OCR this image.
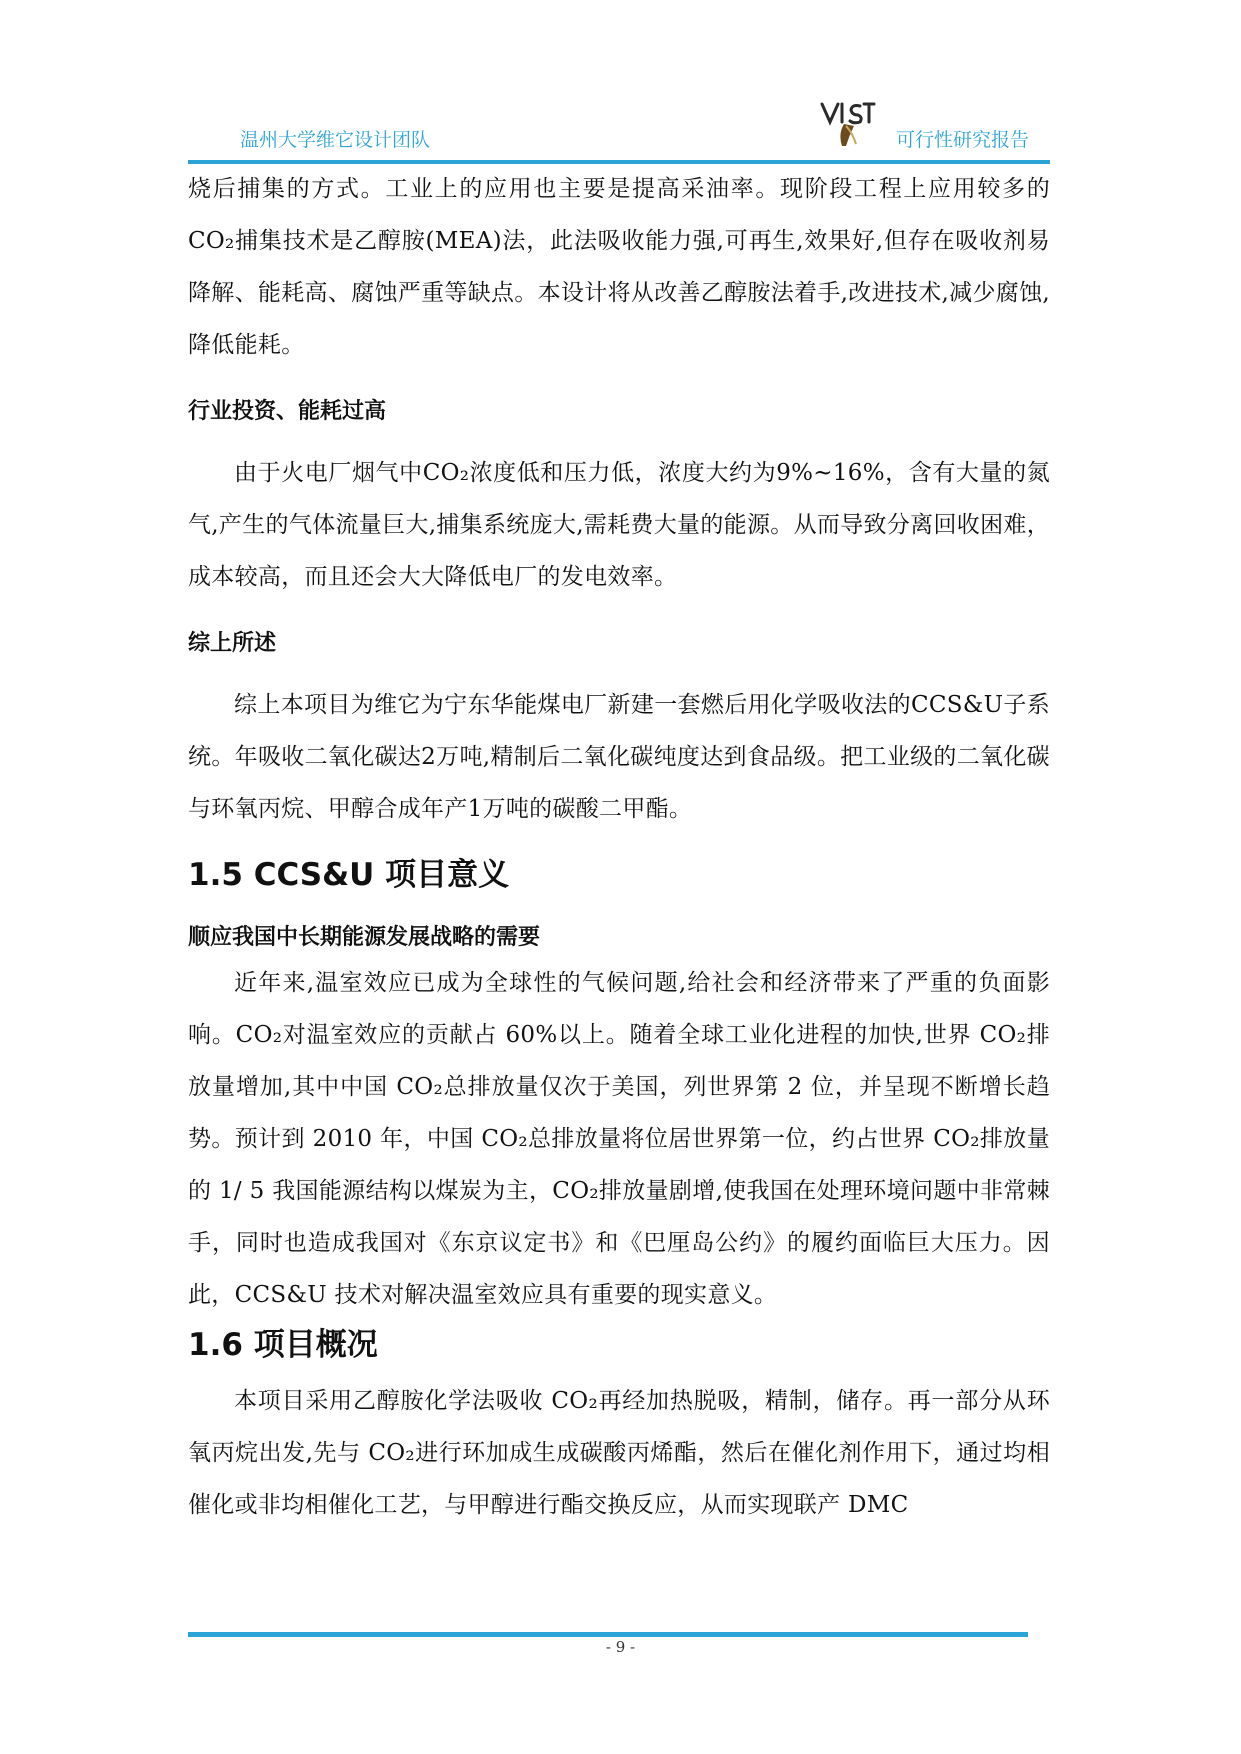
温州大学维它设计团队	可行性研究报告

烧后捕集的方式。工业上的应用也主要是提高采油率。现阶段工程上应用较多的CO₂捕集技术是乙醇胺(MEA)法，此法吸收能力强,可再生,效果好,但存在吸收剂易降解、能耗高、腐蚀严重等缺点。本设计将从改善乙醇胺法着手,改进技术,减少腐蚀,降低能耗。

行业投资、能耗过高

由于火电厂烟气中CO₂浓度低和压力低，浓度大约为9%~16%，含有大量的氮气,产生的气体流量巨大,捕集系统庞大,需耗费大量的能源。从而导致分离回收困难，成本较高，而且还会大大降低电厂的发电效率。

综上所述

综上本项目为维它为宁东华能煤电厂新建一套燃后用化学吸收法的CCS&U子系统。年吸收二氧化碳达2万吨,精制后二氧化碳纯度达到食品级。把工业级的二氧化碳与环氧丙烷、甲醇合成年产1万吨的碳酸二甲酯。

1.5 CCS&U 项目意义
顺应我国中长期能源发展战略的需要

近年来,温室效应已成为全球性的气候问题,给社会和经济带来了严重的负面影响。CO₂对温室效应的贡献占 60%以上。随着全球工业化进程的加快,世界 CO₂排放量增加,其中中国 CO₂总排放量仅次于美国，列世界第 2 位，并呈现不断增长趋势。预计到 2010 年，中国 CO₂总排放量将位居世界第一位，约占世界 CO₂排放量的 1/ 5 我国能源结构以煤炭为主，CO₂排放量剧增,使我国在处理环境问题中非常棘手，同时也造成我国对《东京议定书》和《巴厘岛公约》的履约面临巨大压力。因此，CCS&U 技术对解决温室效应具有重要的现实意义。

1.6 项目概况

本项目采用乙醇胺化学法吸收 CO₂再经加热脱吸，精制，储存。再一部分从环氧丙烷出发,先与 CO₂进行环加成生成碳酸丙烯酯，然后在催化剂作用下，通过均相催化或非均相催化工艺，与甲醇进行酯交换反应，从而实现联产 DMC

- 9 -
